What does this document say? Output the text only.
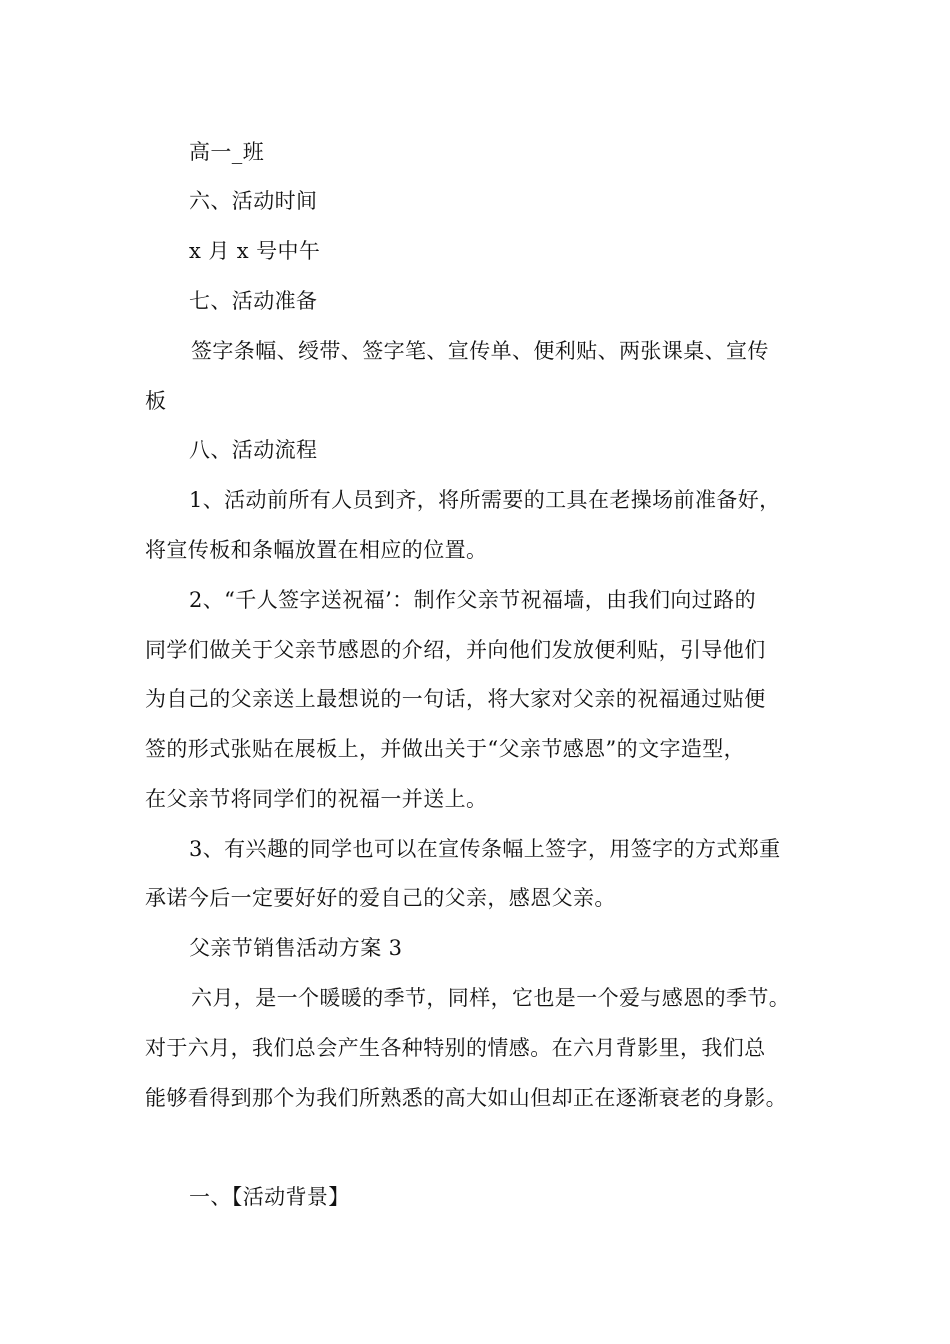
高一_班
六、活动时间
x 月 x 号中午
七、活动准备
签字条幅、绶带、签字笔、宣传单、便利贴、两张课桌、宣传
板
八、活动流程
1、活动前所有人员到齐，将所需要的工具在老操场前准备好，
将宣传板和条幅放置在相应的位置。
2、“千人签字送祝福’：制作父亲节祝福墙，由我们向过路的
同学们做关于父亲节感恩的介绍，并向他们发放便利贴，引导他们
为自己的父亲送上最想说的一句话，将大家对父亲的祝福通过贴便
签的形式张贴在展板上，并做出关于“父亲节感恩”的文字造型，
在父亲节将同学们的祝福一并送上。
3、有兴趣的同学也可以在宣传条幅上签字，用签字的方式郑重
承诺今后一定要好好的爱自己的父亲，感恩父亲。
父亲节销售活动方案 3
六月，是一个暖暖的季节，同样，它也是一个爱与感恩的季节。
对于六月，我们总会产生各种特别的情感。在六月背影里，我们总
能够看得到那个为我们所熟悉的高大如山但却正在逐渐衰老的身影。
一、【活动背景】
